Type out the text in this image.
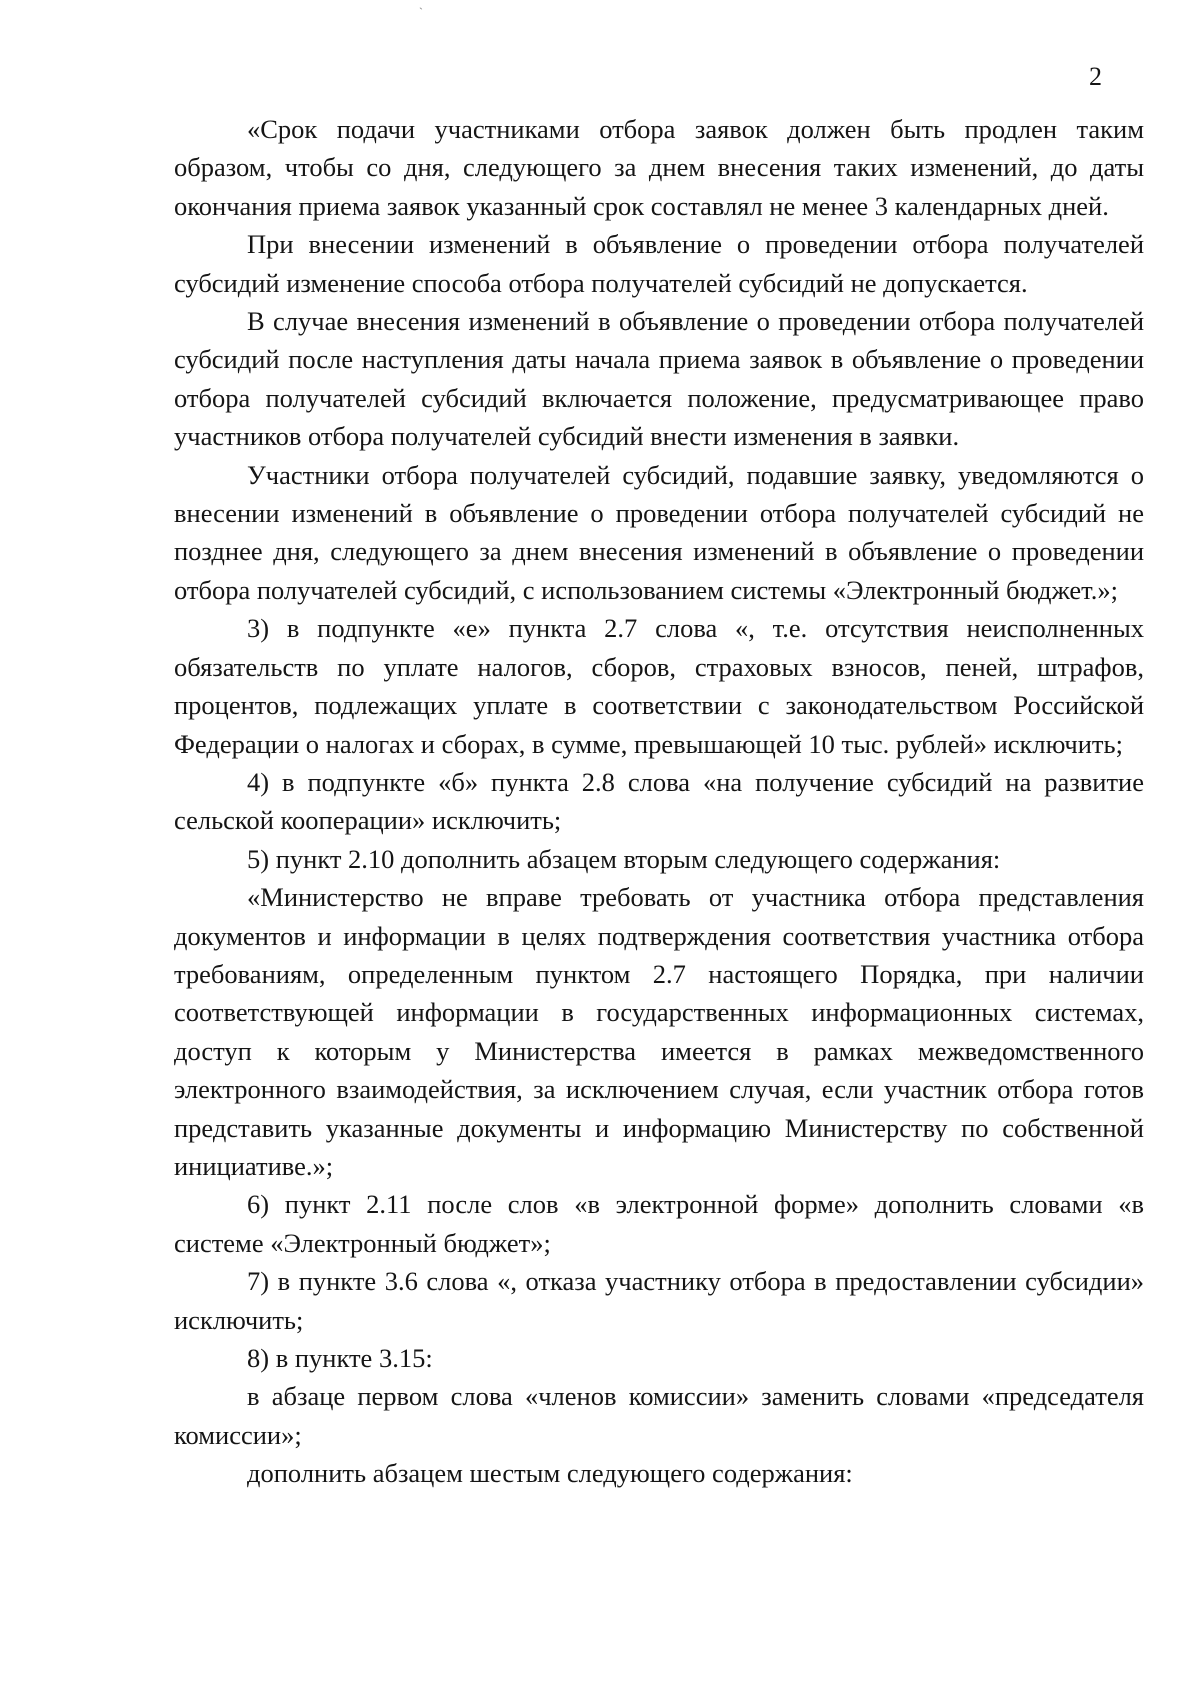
ˋ
2

«Срок подачи участниками отбора заявок должен быть продлен таким образом, чтобы со дня, следующего за днем внесения таких изменений, до даты окончания приема заявок указанный срок составлял не менее 3 календарных дней.

При внесении изменений в объявление о проведении отбора получателей субсидий изменение способа отбора получателей субсидий не допускается.

В случае внесения изменений в объявление о проведении отбора получателей субсидий после наступления даты начала приема заявок в объявление о проведении отбора получателей субсидий включается положение, предусматривающее право участников отбора получателей субсидий внести изменения в заявки.

Участники отбора получателей субсидий, подавшие заявку, уведомляются о внесении изменений в объявление о проведении отбора получателей субсидий не позднее дня, следующего за днем внесения изменений в объявление о проведении отбора получателей субсидий, с использованием системы «Электронный бюджет.»;

3) в подпункте «е» пункта 2.7 слова «, т.е. отсутствия неисполненных обязательств по уплате налогов, сборов, страховых взносов, пеней, штрафов, процентов, подлежащих уплате в соответствии с законодательством Российской Федерации о налогах и сборах, в сумме, превышающей 10 тыс. рублей» исключить;

4) в подпункте «б» пункта 2.8 слова «на получение субсидий на развитие сельской кооперации» исключить;

5) пункт 2.10 дополнить абзацем вторым следующего содержания:

«Министерство не вправе требовать от участника отбора представления документов и информации в целях подтверждения соответствия участника отбора требованиям, определенным пунктом 2.7 настоящего Порядка, при наличии соответствующей информации в государственных информационных системах, доступ к которым у Министерства имеется в рамках межведомственного электронного взаимодействия, за исключением случая, если участник отбора готов представить указанные документы и информацию Министерству по собственной инициативе.»;

6) пункт 2.11 после слов «в электронной форме» дополнить словами «в системе «Электронный бюджет»;

7) в пункте 3.6 слова «, отказа участнику отбора в предоставлении субсидии» исключить;

8) в пункте 3.15:

в абзаце первом слова «членов комиссии» заменить словами «председателя комиссии»;

дополнить абзацем шестым следующего содержания:
